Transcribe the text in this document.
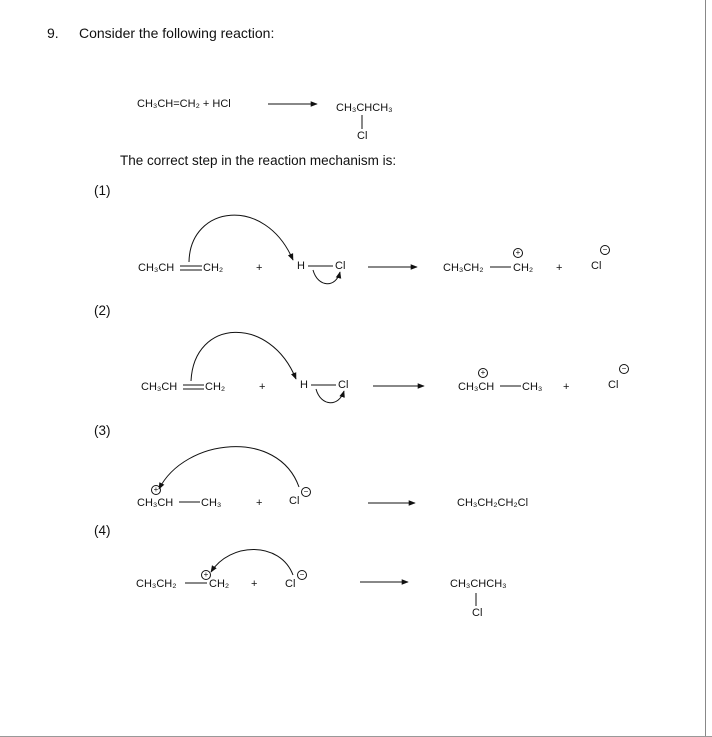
9. Consider the following reaction:
CH₃CH=CH₂ + HCl	CH₃CHCH₃
Cl
The correct step in the reaction mechanism is:
(1)
(2)
(3)
(4)
CH₃CH	CH₂	+	H	Cl	CH₃CH₂	CH₂
+
+	Cl
−
CH₃CH	CH₂	+	H	Cl	CH₃CH
+
CH₃ +	Cl
−
+
CH₃CH	CH₃	+ Cl
−
CH₃CH₂CH₂Cl
CH₃CH₂
+
CH₂ +	Cl
−
CH₃CHCH₃
Cl
